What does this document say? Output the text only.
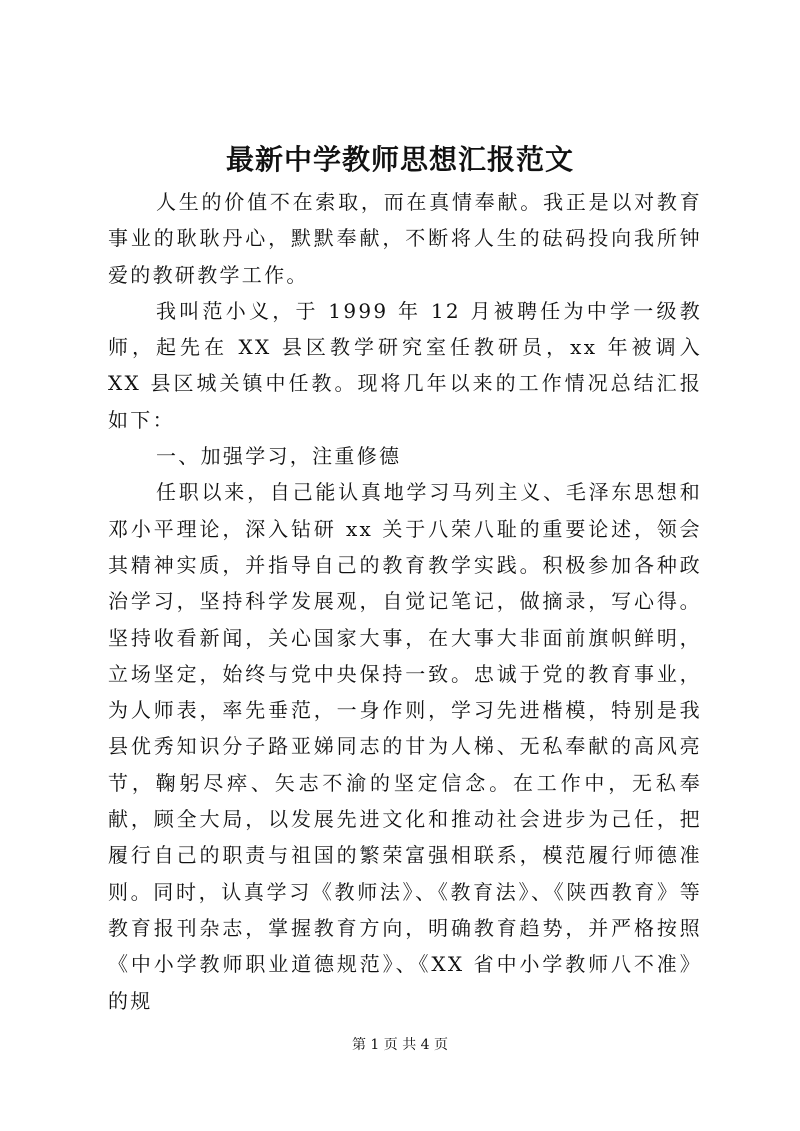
最新中学教师思想汇报范文

人生的价值不在索取，而在真情奉献。我正是以对教育事业的耿耿丹心，默默奉献，不断将人生的砝码投向我所钟爱的教研教学工作。

我叫范小义，于 1999 年 12 月被聘任为中学一级教师，起先在 XX 县区教学研究室任教研员，xx 年被调入 XX 县区城关镇中任教。现将几年以来的工作情况总结汇报如下：

一、加强学习，注重修德

任职以来，自己能认真地学习马列主义、毛泽东思想和邓小平理论，深入钻研 xx 关于八荣八耻的重要论述，领会其精神实质，并指导自己的教育教学实践。积极参加各种政治学习，坚持科学发展观，自觉记笔记，做摘录，写心得。坚持收看新闻，关心国家大事，在大事大非面前旗帜鲜明，立场坚定，始终与党中央保持一致。忠诚于党的教育事业，为人师表，率先垂范，一身作则，学习先进楷模，特别是我县优秀知识分子路亚娣同志的甘为人梯、无私奉献的高风亮节，鞠躬尽瘁、矢志不渝的坚定信念。在工作中，无私奉献，顾全大局，以发展先进文化和推动社会进步为己任，把履行自己的职责与祖国的繁荣富强相联系，模范履行师德准则。同时，认真学习《教师法》、《教育法》、《陕西教育》等教育报刊杂志，掌握教育方向，明确教育趋势，并严格按照《中小学教师职业道德规范》、《XX 省中小学教师八不准》的规

第 1 页 共 4 页
